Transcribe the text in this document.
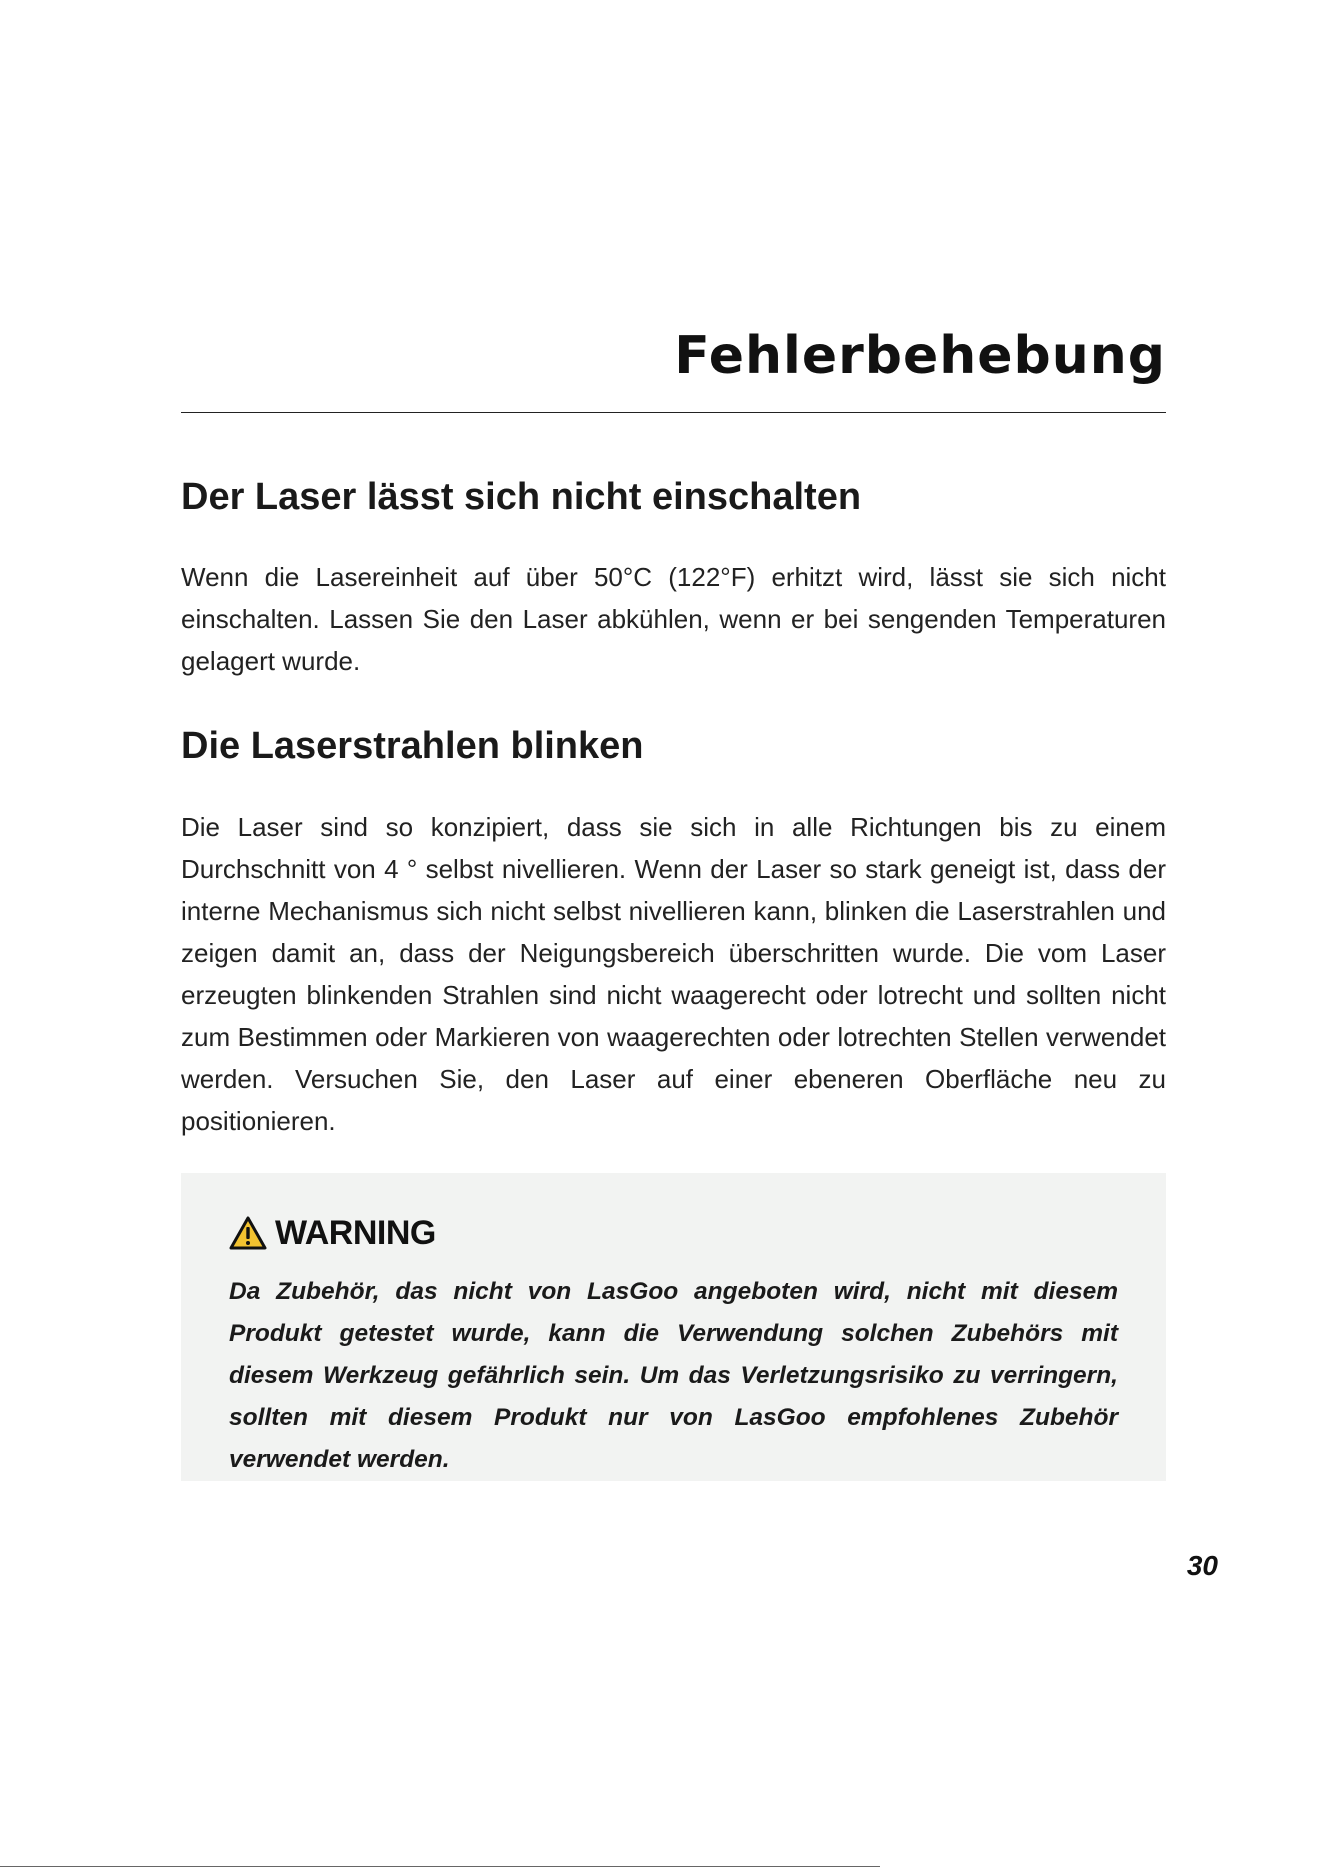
Fehlerbehebung
Der Laser lässt sich nicht einschalten

Wenn die Lasereinheit auf über 50°C (122°F) erhitzt wird, lässt sie sich nicht einschalten. Lassen Sie den Laser abkühlen, wenn er bei sengenden Temperaturen gelagert wurde.

Die Laserstrahlen blinken

Die Laser sind so konzipiert, dass sie sich in alle Richtungen bis zu einem Durchschnitt von 4 ° selbst nivellieren. Wenn der Laser so stark geneigt ist, dass der interne Mechanismus sich nicht selbst nivellieren kann, blinken die Laserstrahlen und zeigen damit an, dass der Neigungsbereich überschritten wurde. Die vom Laser erzeugten blinkenden Strahlen sind nicht waagerecht oder lotrecht und sollten nicht zum Bestimmen oder Markieren von waagerechten oder lotrechten Stellen verwendet werden. Versuchen Sie, den Laser auf einer ebeneren Oberfläche neu zu positionieren.

WARNING

Da Zubehör, das nicht von LasGoo angeboten wird, nicht mit diesem Produkt getestet wurde, kann die Verwendung solchen Zubehörs mit diesem Werkzeug gefährlich sein. Um das Verletzungsrisiko zu verringern, sollten mit diesem Produkt nur von LasGoo empfohlenes Zubehör verwendet werden.

30
